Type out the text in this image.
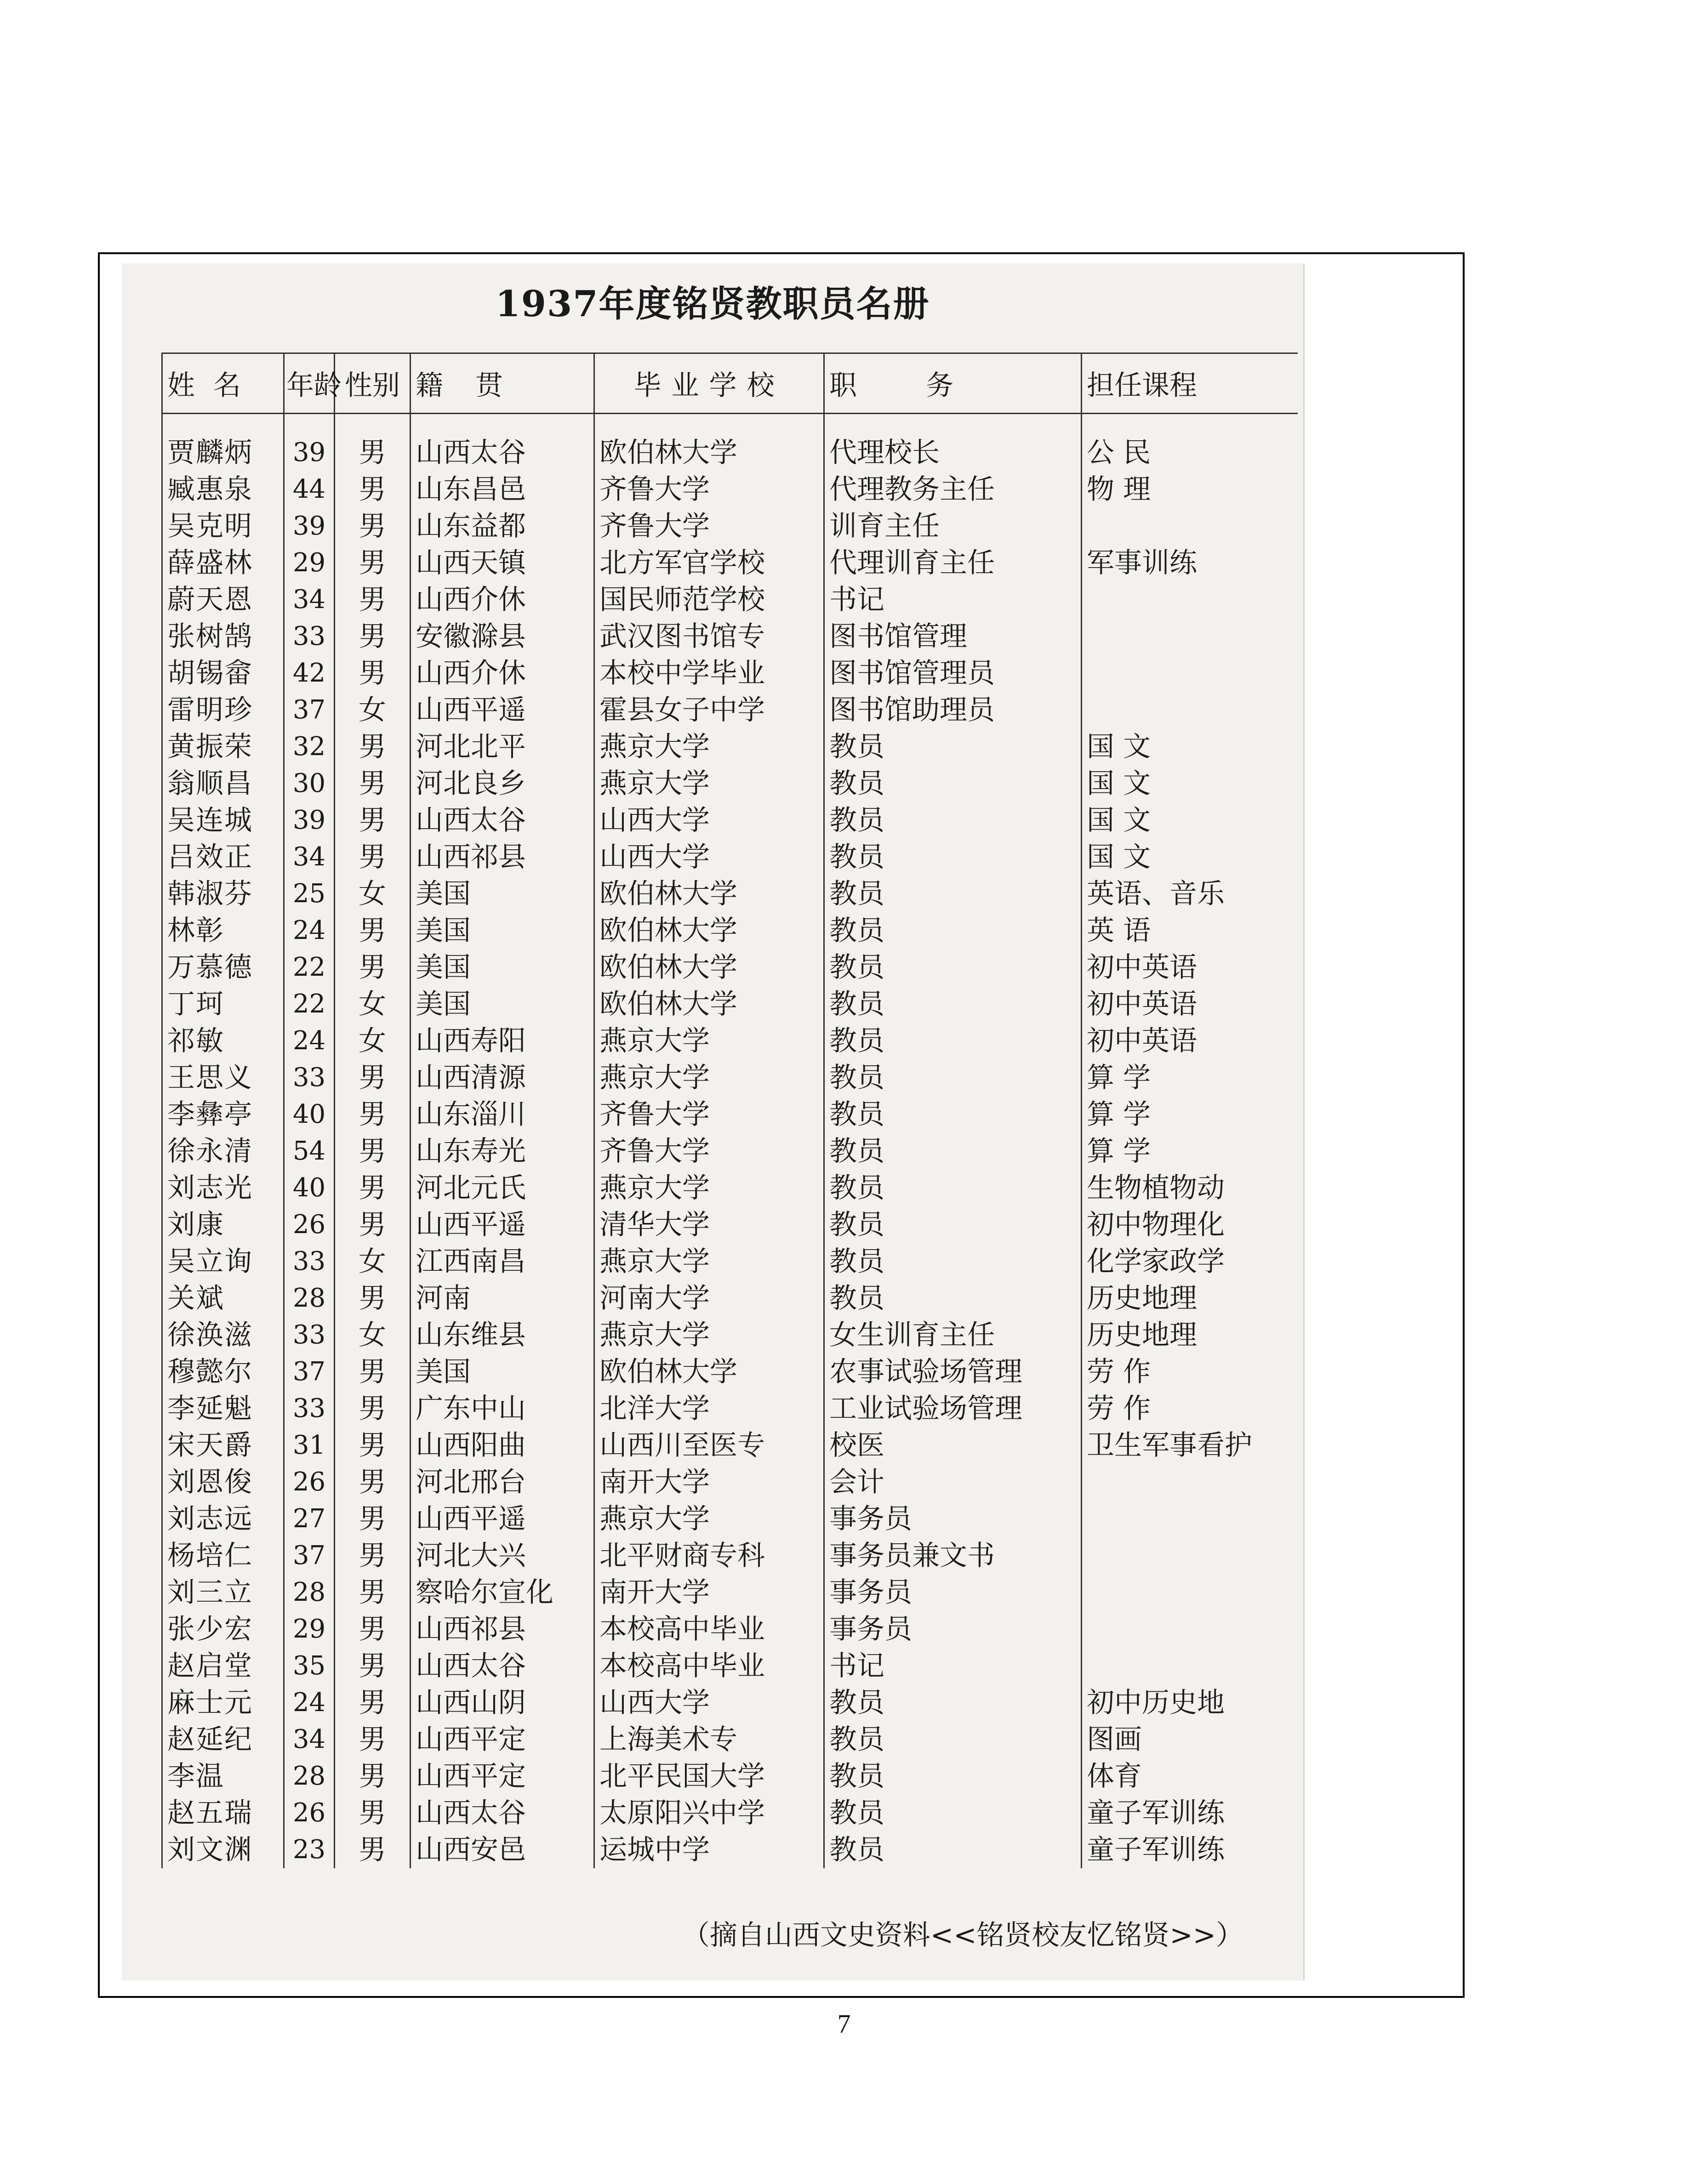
1937年度铭贤教职员名册
姓名	年龄	性别	籍贯	毕业学校	职务	担任课程
贾麟炳	39	男	山西太谷	欧伯林大学	代理校长	公 民
臧惠泉	44	男	山东昌邑	齐鲁大学	代理教务主任	物 理
吴克明	39	男	山东益都	齐鲁大学	训育主任	
薛盛林	29	男	山西天镇	北方军官学校	代理训育主任	军事训练
蔚天恩	34	男	山西介休	国民师范学校	书记	
张树鹄	33	男	安徽滁县	武汉图书馆专	图书馆管理	
胡锡畲	42	男	山西介休	本校中学毕业	图书馆管理员	
雷明珍	37	女	山西平遥	霍县女子中学	图书馆助理员	
黄振荣	32	男	河北北平	燕京大学	教员	国 文
翁顺昌	30	男	河北良乡	燕京大学	教员	国 文
吴连城	39	男	山西太谷	山西大学	教员	国 文
吕效正	34	男	山西祁县	山西大学	教员	国 文
韩淑芬	25	女	美国	欧伯林大学	教员	英语、音乐
林彰	24	男	美国	欧伯林大学	教员	英 语
万慕德	22	男	美国	欧伯林大学	教员	初中英语
丁珂	22	女	美国	欧伯林大学	教员	初中英语
祁敏	24	女	山西寿阳	燕京大学	教员	初中英语
王思义	33	男	山西清源	燕京大学	教员	算 学
李彝亭	40	男	山东淄川	齐鲁大学	教员	算 学
徐永清	54	男	山东寿光	齐鲁大学	教员	算 学
刘志光	40	男	河北元氏	燕京大学	教员	生物植物动
刘康	26	男	山西平遥	清华大学	教员	初中物理化
吴立询	33	女	江西南昌	燕京大学	教员	化学家政学
关斌	28	男	河南	河南大学	教员	历史地理
徐涣滋	33	女	山东维县	燕京大学	女生训育主任	历史地理
穆懿尔	37	男	美国	欧伯林大学	农事试验场管理	劳 作
李延魁	33	男	广东中山	北洋大学	工业试验场管理	劳 作
宋天爵	31	男	山西阳曲	山西川至医专	校医	卫生军事看护
刘恩俊	26	男	河北邢台	南开大学	会计	
刘志远	27	男	山西平遥	燕京大学	事务员	
杨培仁	37	男	河北大兴	北平财商专科	事务员兼文书	
刘三立	28	男	察哈尔宣化	南开大学	事务员	
张少宏	29	男	山西祁县	本校高中毕业	事务员	
赵启堂	35	男	山西太谷	本校高中毕业	书记	
麻士元	24	男	山西山阴	山西大学	教员	初中历史地
赵延纪	34	男	山西平定	上海美术专	教员	图画
李温	28	男	山西平定	北平民国大学	教员	体育
赵五瑞	26	男	山西太谷	太原阳兴中学	教员	童子军训练
刘文渊	23	男	山西安邑	运城中学	教员	童子军训练
（摘自山西文史资料<<铭贤校友忆铭贤>>）
7
